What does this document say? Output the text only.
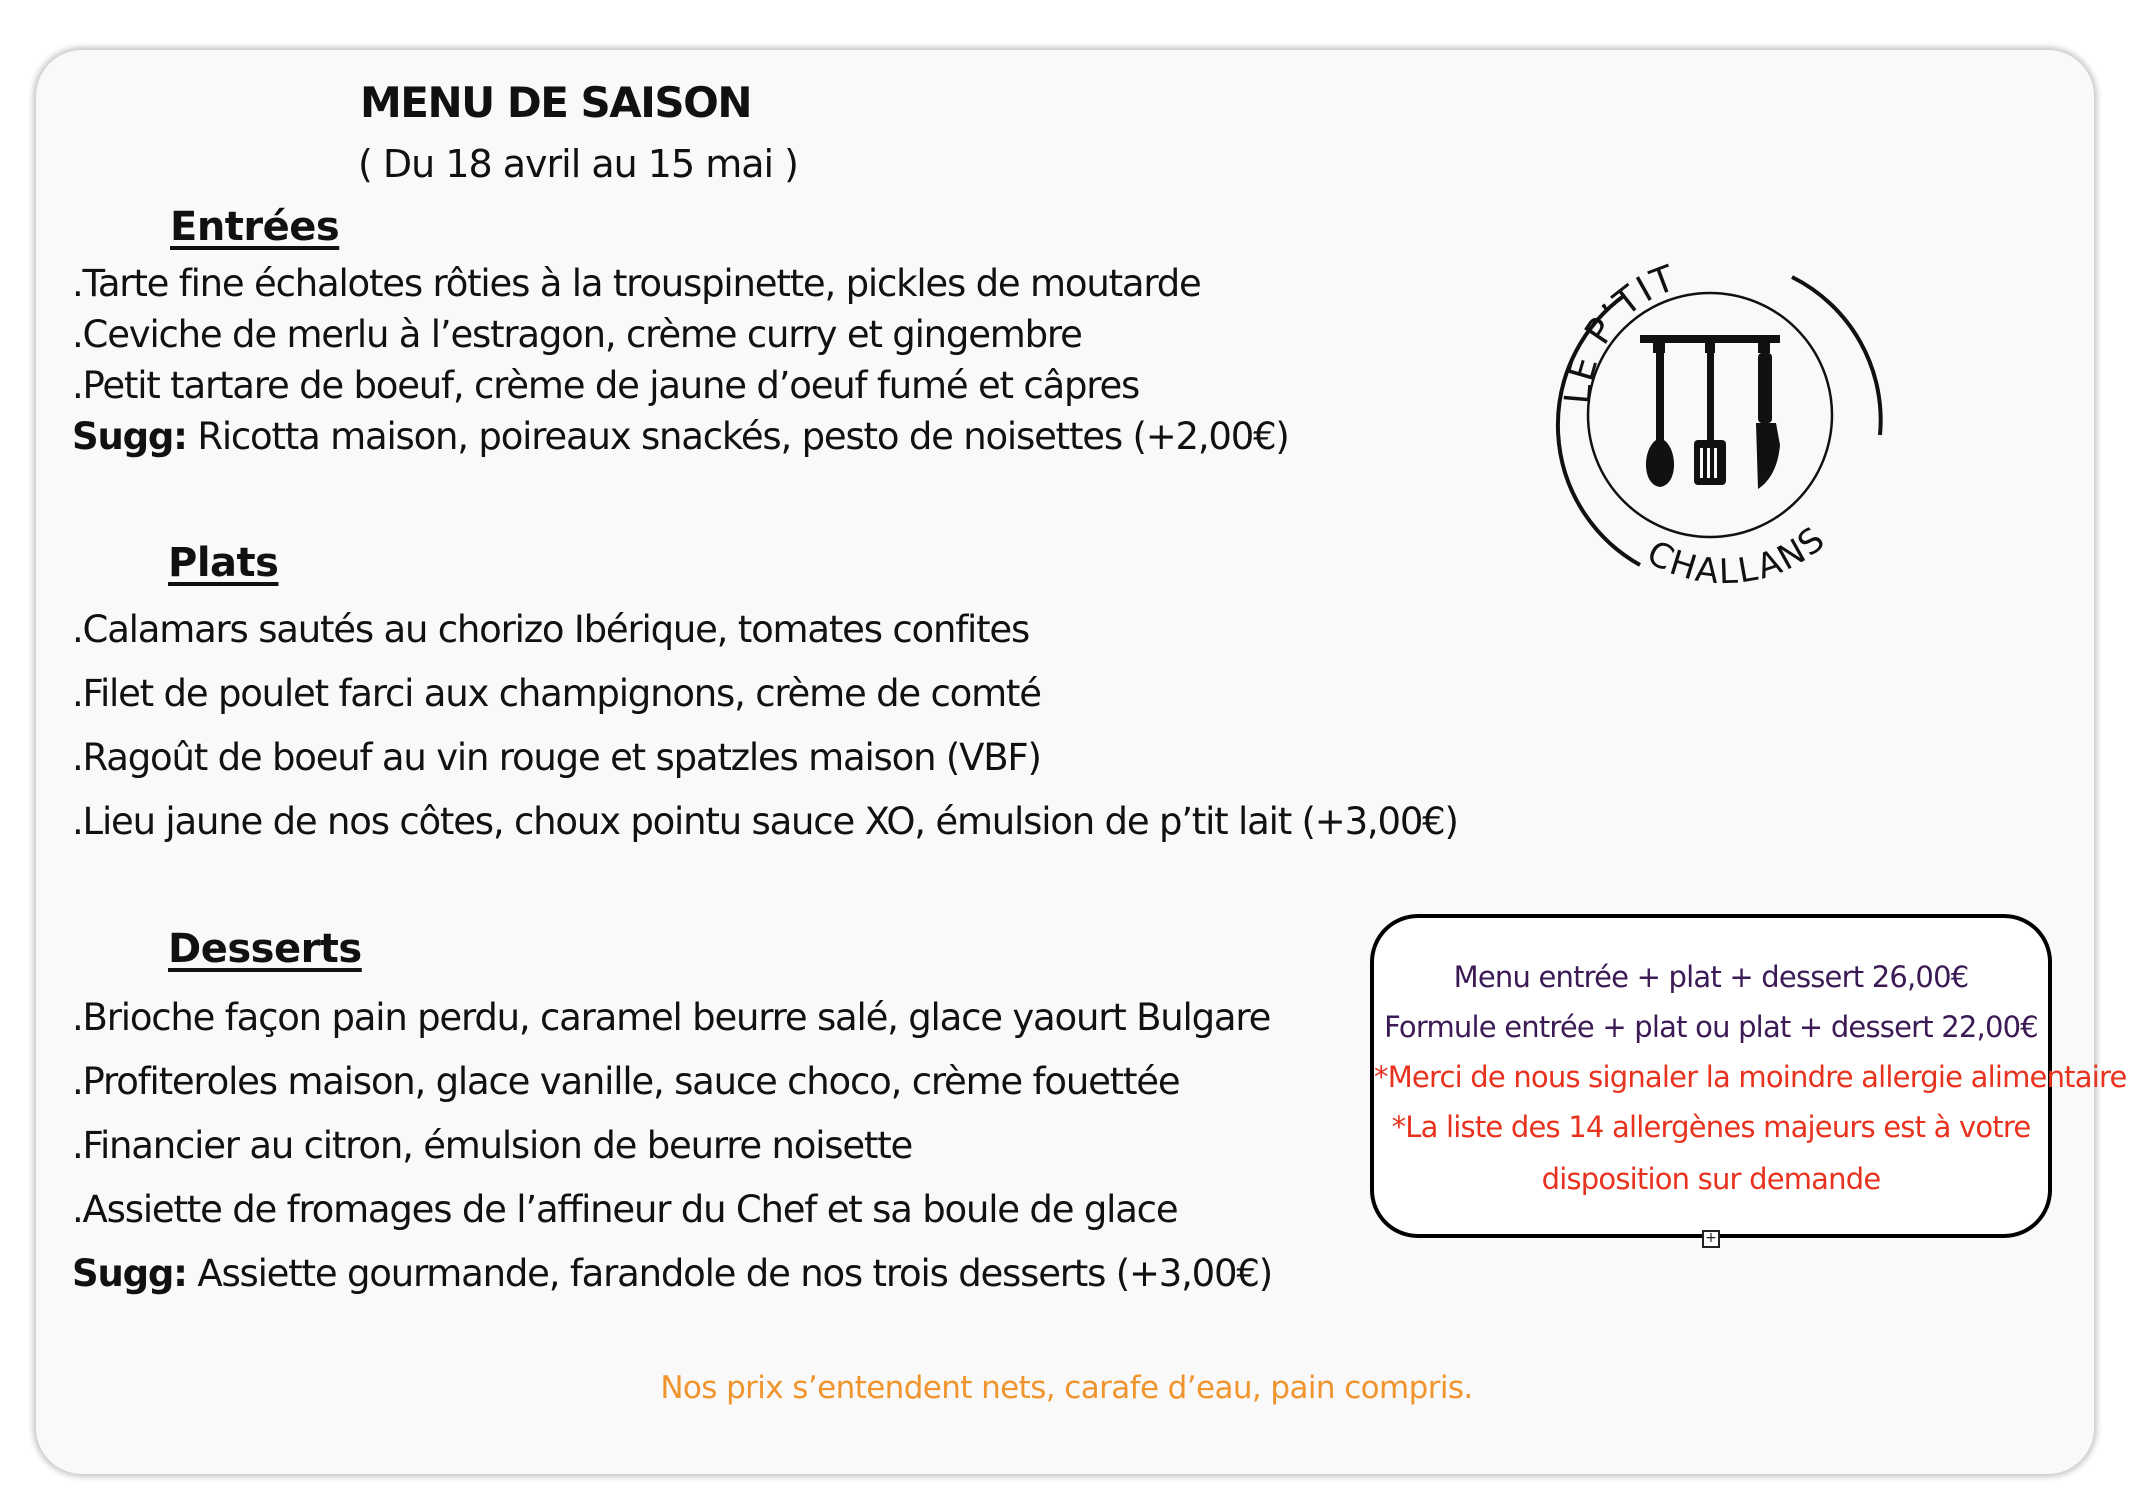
MENU DE SAISON
( Du 18 avril au 15 mai )
Entrées
.Tarte fine échalotes rôties à la trouspinette, pickles de moutarde
.Ceviche de merlu à l’estragon, crème curry et gingembre
.Petit tartare de boeuf, crème de jaune d’oeuf fumé et câpres
Sugg: Ricotta maison, poireaux snackés, pesto de noisettes (+2,00€)
Plats
.Calamars sautés au chorizo Ibérique, tomates confites
.Filet de poulet farci aux champignons, crème de comté
.Ragoût de boeuf au vin rouge et spatzles maison (VBF)
.Lieu jaune de nos côtes, choux pointu sauce XO, émulsion de p’tit lait (+3,00€)
Desserts
.Brioche façon pain perdu, caramel beurre salé, glace yaourt Bulgare
.Profiteroles maison, glace vanille, sauce choco, crème fouettée
.Financier au citron, émulsion de beurre noisette
.Assiette de fromages de l’affineur du Chef et sa boule de glace
Sugg: Assiette gourmande, farandole de nos trois desserts (+3,00€)
LE P’TIT
CHALLANS
Menu entrée + plat + dessert 26,00€
Formule entrée + plat ou plat + dessert 22,00€
*Merci de nous signaler la moindre allergie alimentaire
*La liste des 14 allergènes majeurs est à votre
disposition sur demande
+
Nos prix s’entendent nets, carafe d’eau, pain compris.
